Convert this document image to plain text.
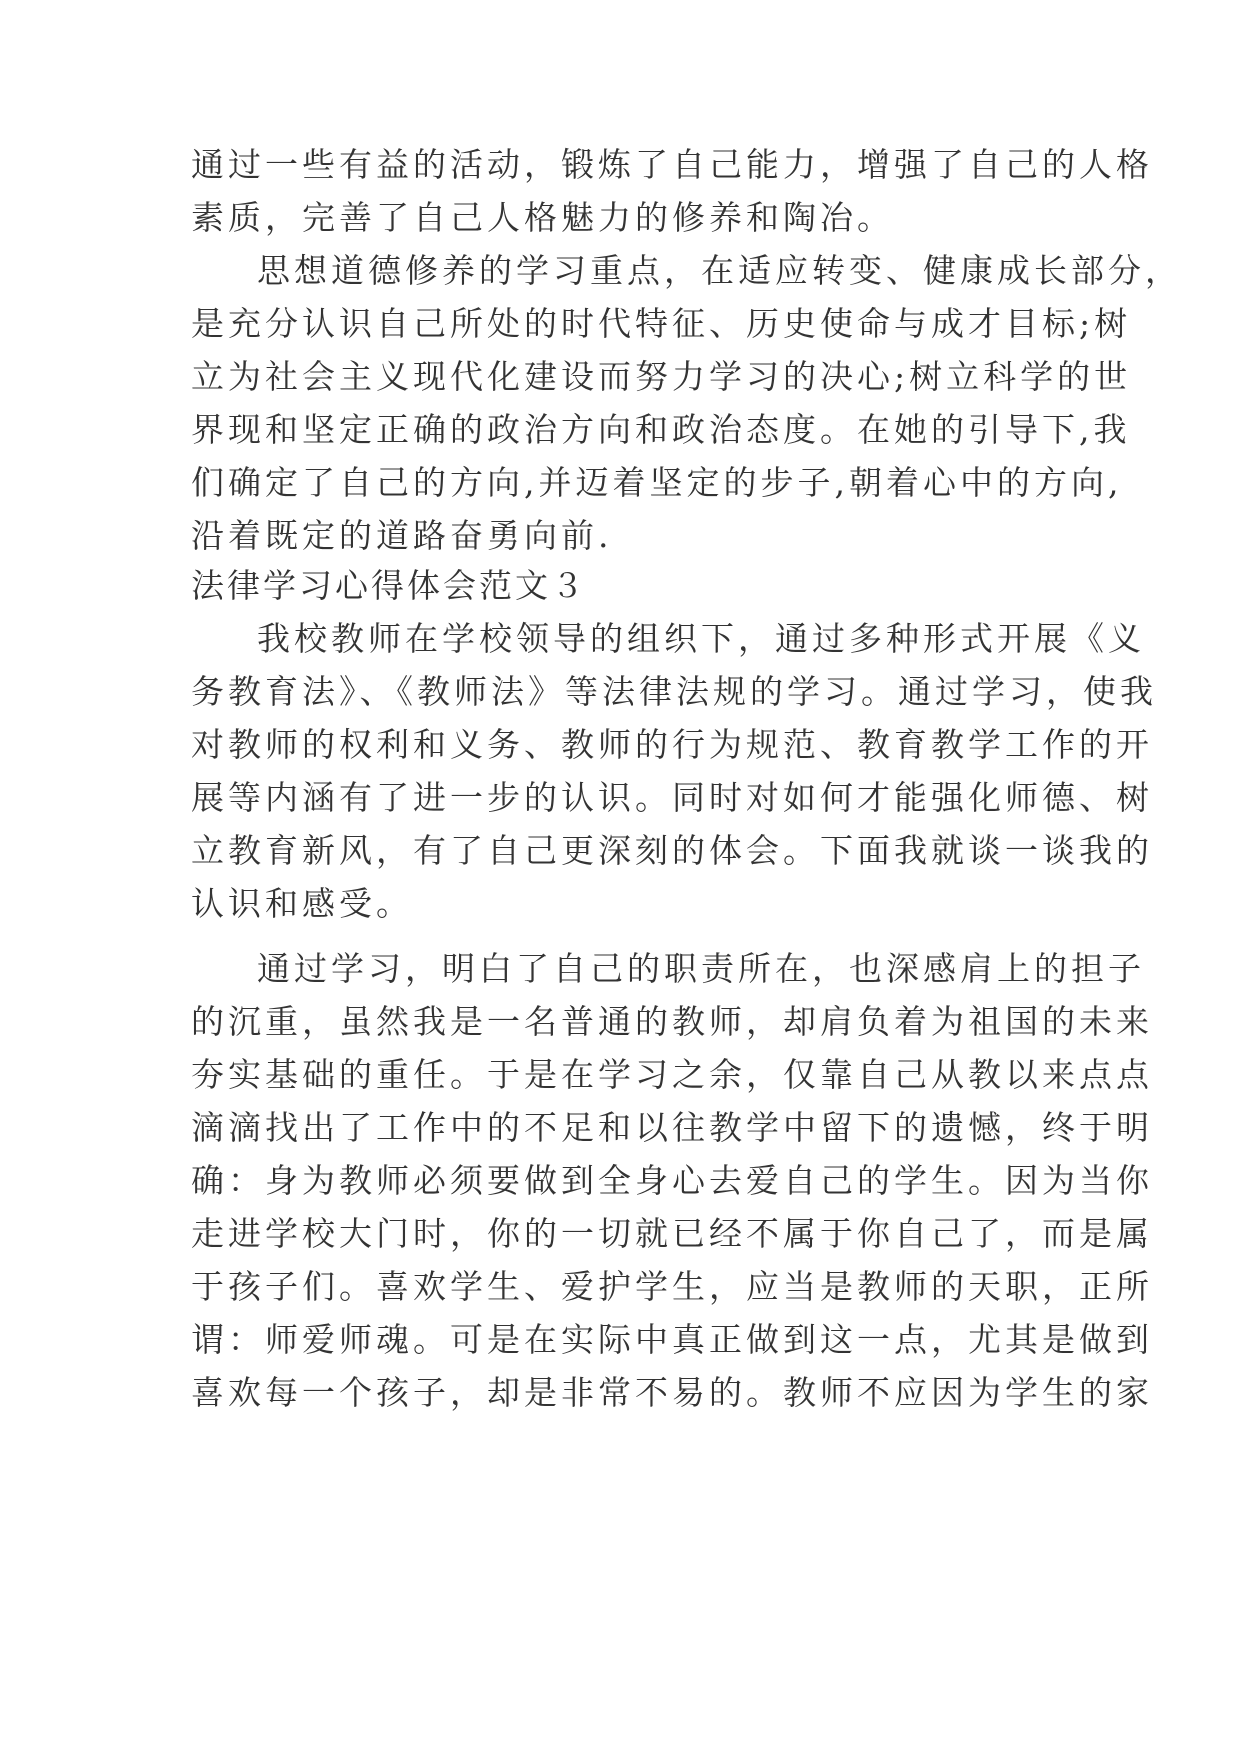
通过一些有益的活动，锻炼了自己能力，增强了自己的人格
素质，完善了自己人格魅力的修养和陶冶。
思想道德修养的学习重点，在适应转变、健康成长部分，
是充分认识自己所处的时代特征、历史使命与成才目标;树
立为社会主义现代化建设而努力学习的决心;树立科学的世
界现和坚定正确的政治方向和政治态度。在她的引导下,我
们确定了自己的方向,并迈着坚定的步子,朝着心中的方向,
沿着既定的道路奋勇向前.
法律学习心得体会范文３
我校教师在学校领导的组织下，通过多种形式开展《义
务教育法》、《教师法》等法律法规的学习。通过学习，使我
对教师的权利和义务、教师的行为规范、教育教学工作的开
展等内涵有了进一步的认识。同时对如何才能强化师德、树
立教育新风，有了自己更深刻的体会。下面我就谈一谈我的
认识和感受。
通过学习，明白了自己的职责所在，也深感肩上的担子
的沉重，虽然我是一名普通的教师，却肩负着为祖国的未来
夯实基础的重任。于是在学习之余，仅靠自己从教以来点点
滴滴找出了工作中的不足和以往教学中留下的遗憾，终于明
确：身为教师必须要做到全身心去爱自己的学生。因为当你
走进学校大门时，你的一切就已经不属于你自己了，而是属
于孩子们。喜欢学生、爱护学生，应当是教师的天职，正所
谓：师爱师魂。可是在实际中真正做到这一点，尤其是做到
喜欢每一个孩子，却是非常不易的。教师不应因为学生的家
